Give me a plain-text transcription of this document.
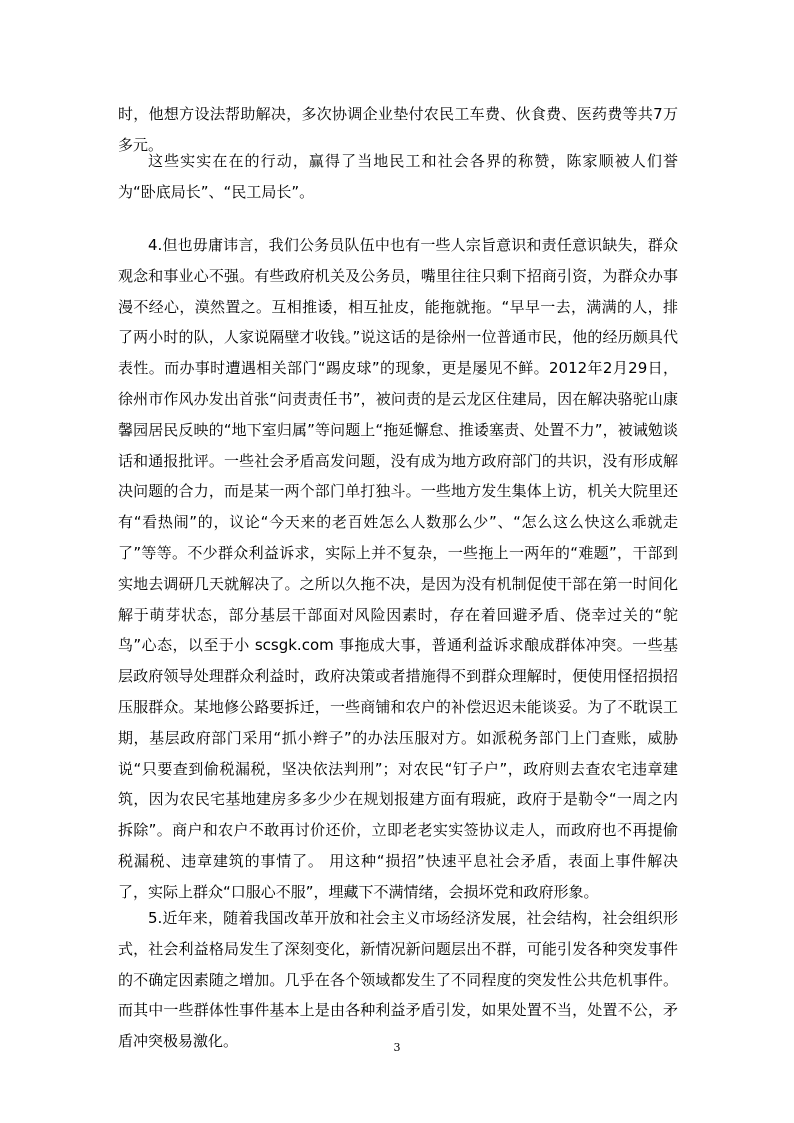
时，他想方设法帮助解决，多次协调企业垫付农民工车费、伙食费、医药费等共7万多元。

这些实实在在的行动，赢得了当地民工和社会各界的称赞，陈家顺被人们誉为“卧底局长”、“民工局长”。

4.但也毋庸讳言，我们公务员队伍中也有一些人宗旨意识和责任意识缺失，群众观念和事业心不强。有些政府机关及公务员，嘴里往往只剩下招商引资，为群众办事漫不经心，漠然置之。互相推诿，相互扯皮，能拖就拖。“早早一去，满满的人，排了两小时的队，人家说隔壁才收钱。”说这话的是徐州一位普通市民，他的经历颇具代表性。而办事时遭遇相关部门“踢皮球”的现象，更是屡见不鲜。2012年2月29日，徐州市作风办发出首张“问责责任书”，被问责的是云龙区住建局，因在解决骆驼山康馨园居民反映的“地下室归属”等问题上“拖延懈怠、推诿塞责、处置不力”，被诫勉谈话和通报批评。一些社会矛盾高发问题，没有成为地方政府部门的共识，没有形成解决问题的合力，而是某一两个部门单打独斗。一些地方发生集体上访，机关大院里还有“看热闹”的，议论“今天来的老百姓怎么人数那么少”、“怎么这么快这么乖就走了”等等。不少群众利益诉求，实际上并不复杂，一些拖上一两年的“难题”，干部到实地去调研几天就解决了。之所以久拖不决，是因为没有机制促使干部在第一时间化解于萌芽状态，部分基层干部面对风险因素时，存在着回避矛盾、侥幸过关的“鸵鸟”心态，以至于小 scsgk.com 事拖成大事，普通利益诉求酿成群体冲突。一些基层政府领导处理群众利益时，政府决策或者措施得不到群众理解时，便使用怪招损招压服群众。某地修公路要拆迁，一些商铺和农户的补偿迟迟未能谈妥。为了不耽误工期，基层政府部门采用“抓小辫子”的办法压服对方。如派税务部门上门查账，威胁说“只要查到偷税漏税，坚决依法判刑”；对农民“钉子户”，政府则去查农宅违章建筑，因为农民宅基地建房多多少少在规划报建方面有瑕疵，政府于是勒令“一周之内拆除”。商户和农户不敢再讨价还价，立即老老实实签协议走人，而政府也不再提偷税漏税、违章建筑的事情了。 用这种“损招”快速平息社会矛盾，表面上事件解决了，实际上群众“口服心不服”，埋藏下不满情绪，会损坏党和政府形象。

5.近年来，随着我国改革开放和社会主义市场经济发展，社会结构，社会组织形式，社会利益格局发生了深刻变化，新情况新问题层出不群，可能引发各种突发事件的不确定因素随之增加。几乎在各个领域都发生了不同程度的突发性公共危机事件。而其中一些群体性事件基本上是由各种利益矛盾引发，如果处置不当，处置不公，矛盾冲突极易激化。	3
